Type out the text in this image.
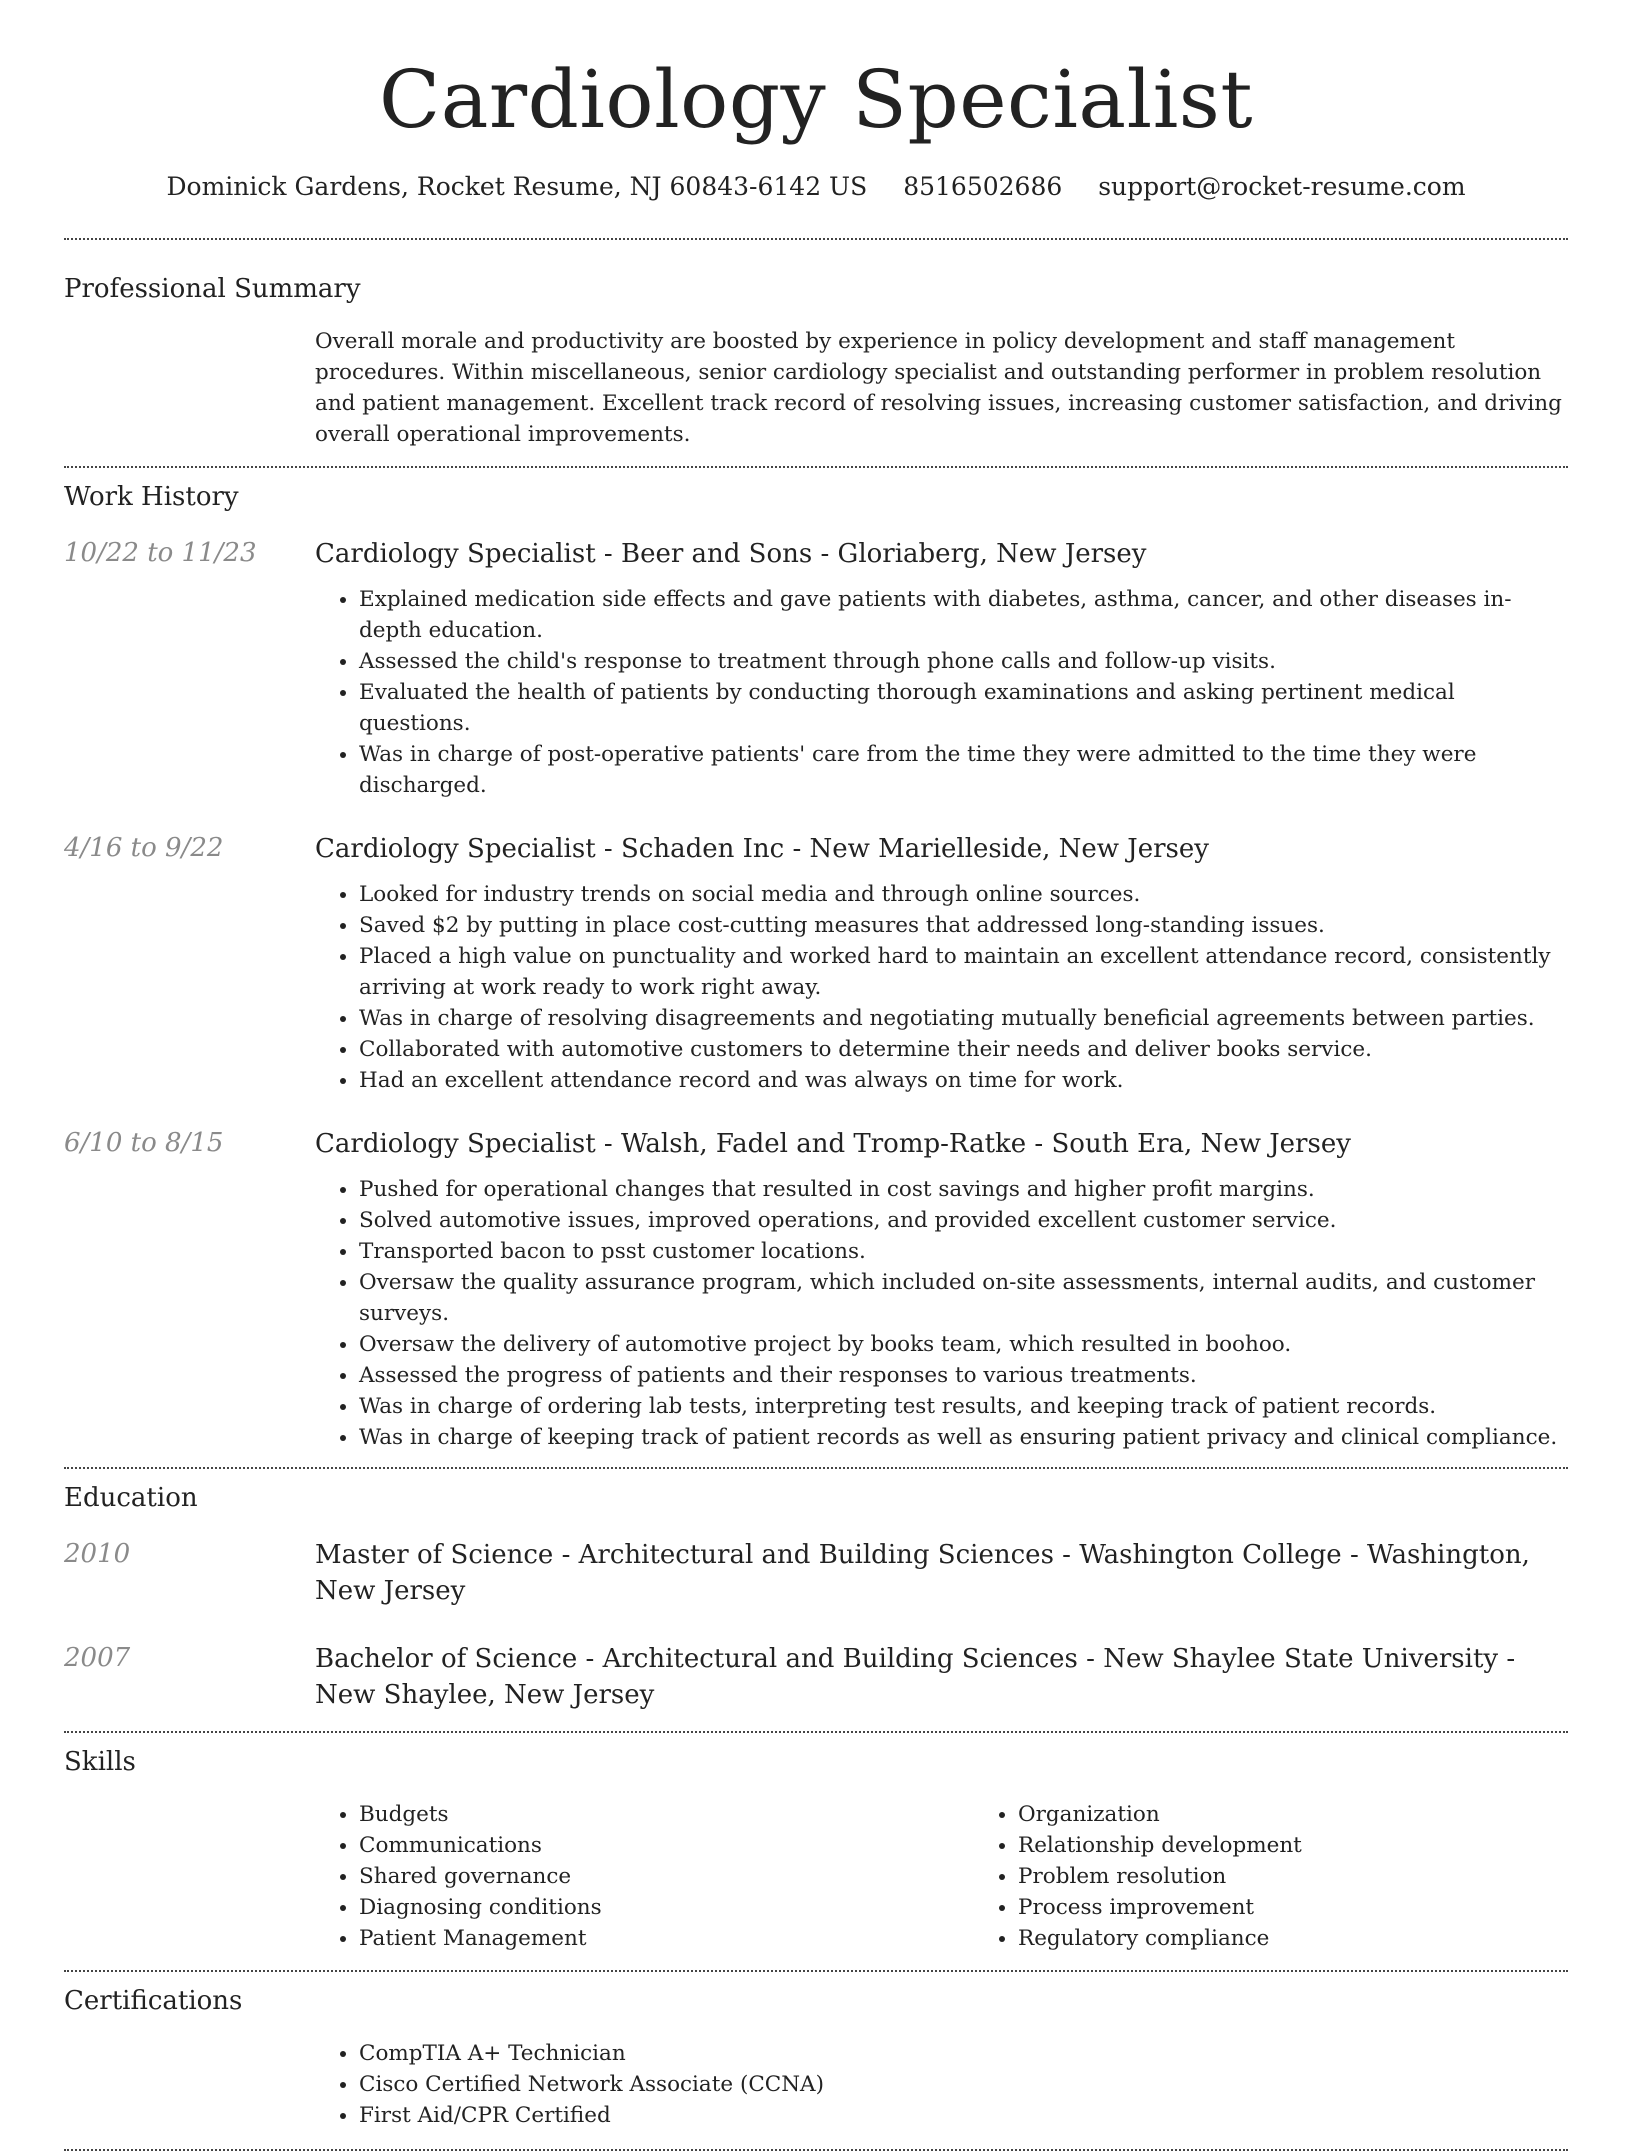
Cardiology Specialist
Dominick Gardens, Rocket Resume, NJ 60843-6142 US 8516502686 support@rocket-resume.com
Professional Summary
Overall morale and productivity are boosted by experience in policy development and staff management procedures. Within miscellaneous, senior cardiology specialist and outstanding performer in problem resolution and patient management. Excellent track record of resolving issues, increasing customer satisfaction, and driving overall operational improvements.
Work History
10/22 to 11/23	Cardiology Specialist - Beer and Sons - Gloriaberg, New Jersey
• Explained medication side effects and gave patients with diabetes, asthma, cancer, and other diseases in-depth education.
• Assessed the child's response to treatment through phone calls and follow-up visits.
• Evaluated the health of patients by conducting thorough examinations and asking pertinent medical questions.
• Was in charge of post-operative patients' care from the time they were admitted to the time they were discharged.
4/16 to 9/22	Cardiology Specialist - Schaden Inc - New Marielleside, New Jersey
• Looked for industry trends on social media and through online sources.
• Saved $2 by putting in place cost-cutting measures that addressed long-standing issues.
• Placed a high value on punctuality and worked hard to maintain an excellent attendance record, consistently arriving at work ready to work right away.
• Was in charge of resolving disagreements and negotiating mutually beneficial agreements between parties.
• Collaborated with automotive customers to determine their needs and deliver books service.
• Had an excellent attendance record and was always on time for work.
6/10 to 8/15	Cardiology Specialist - Walsh, Fadel and Tromp-Ratke - South Era, New Jersey
• Pushed for operational changes that resulted in cost savings and higher profit margins.
• Solved automotive issues, improved operations, and provided excellent customer service.
• Transported bacon to psst customer locations.
• Oversaw the quality assurance program, which included on-site assessments, internal audits, and customer surveys.
• Oversaw the delivery of automotive project by books team, which resulted in boohoo.
• Assessed the progress of patients and their responses to various treatments.
• Was in charge of ordering lab tests, interpreting test results, and keeping track of patient records.
• Was in charge of keeping track of patient records as well as ensuring patient privacy and clinical compliance.
Education
2010	Master of Science - Architectural and Building Sciences - Washington College - Washington, New Jersey
2007	Bachelor of Science - Architectural and Building Sciences - New Shaylee State University - New Shaylee, New Jersey
Skills
• Budgets
• Communications
• Shared governance
• Diagnosing conditions
• Patient Management
• Organization
• Relationship development
• Problem resolution
• Process improvement
• Regulatory compliance
Certifications
• CompTIA A+ Technician
• Cisco Certified Network Associate (CCNA)
• First Aid/CPR Certified
